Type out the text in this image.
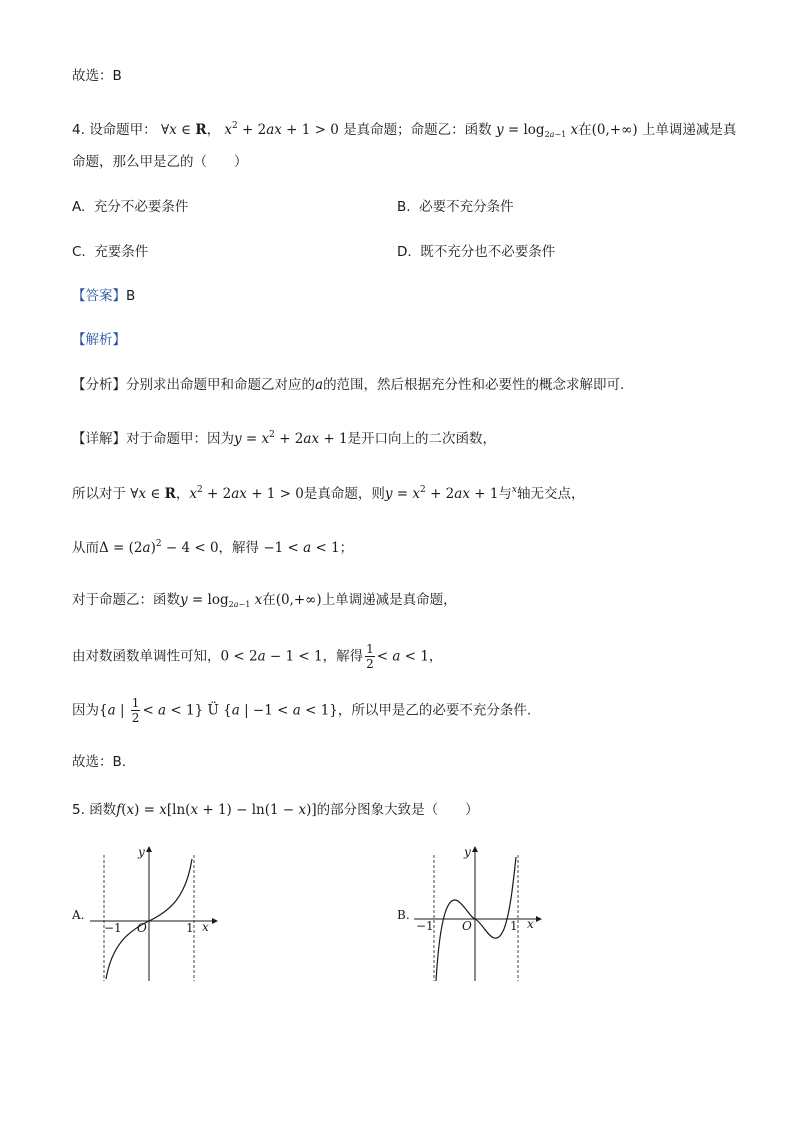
故选：B
4. 设命题甲： ∀x ∈ R， $x^2 + 2ax + 1 > 0$ 是真命题；命题乙：函数 $y = \log_{2a-1} x$在(0,+∞) 上单调递减是真
命题，那么甲是乙的（　　）
A. 充分不必要条件	B. 必要不充分条件
C. 充要条件	D. 既不充分也不必要条件
【答案】B
【解析】
【分析】分别求出命题甲和命题乙对应的a的范围，然后根据充分性和必要性的概念求解即可.
【详解】对于命题甲：因为$y = x^2 + 2ax + 1$是开口向上的二次函数，
所以对于 ∀x ∈ R，$x^2 + 2ax + 1 > 0$是真命题，则$y = x^2 + 2ax + 1$与$^x$轴无交点，
从而$\Delta = (2a)^2 - 4 < 0$，解得 −1 < a < 1；
对于命题乙：函数$y = \log_{2a-1} x$在(0,+∞)上单调递减是真命题，
由对数函数单调性可知，0 < 2a − 1 < 1，解得 $\frac{1}{2} < a < 1$，
因为{a | $\frac{1}{2} < a < 1$} Ü {a | −1 < a < 1}，所以甲是乙的必要不充分条件.
故选：B.
5. 函数f(x) = x[ln(x + 1) − ln(1 − x)]的部分图象大致是（　　）
A.
y
x
O
−1	1
B.
y
x
O
−1	1
